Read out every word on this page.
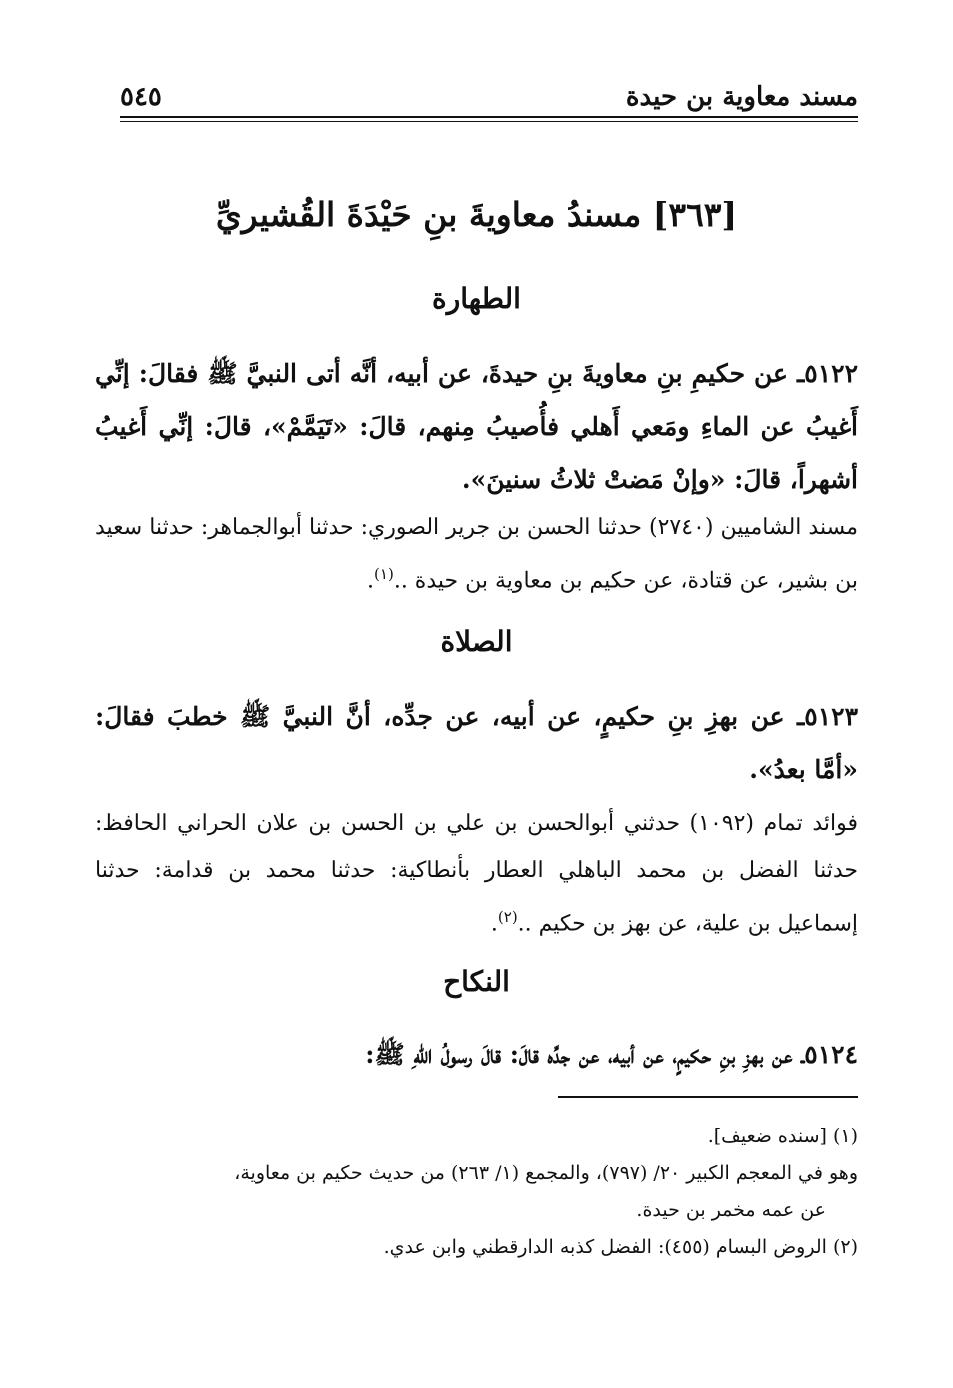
مسند معاوية بن حيدة
٥٤٥
[٣٦٣] مسندُ معاويةَ بنِ حَيْدَةَ القُشيريِّ
الطهارة
٥١٢٢ـ عن حكيمِ بنِ معاويةَ بنِ حيدةَ، عن أبيه، أنَّه أتى النبيَّ ﷺ فقالَ: إنِّي أَغيبُ عن الماءِ ومَعي أَهلي فأُصيبُ مِنهم، قالَ: «تَيَمَّمْ»، قالَ: إنِّي أَغيبُ أشهراً، قالَ: «وإنْ مَضتْ ثلاثُ سنينَ».
مسند الشاميين (٢٧٤٠) حدثنا الحسن بن جرير الصوري: حدثنا أبوالجماهر: حدثنا سعيد بن بشير، عن قتادة، عن حكيم بن معاوية بن حيدة ..$^{(١)}$.
الصلاة
٥١٢٣ـ عن بهزِ بنِ حكيمٍ، عن أبيه، عن جدِّه، أنَّ النبيَّ ﷺ خطبَ فقالَ: «أمَّا بعدُ».
فوائد تمام (١٠٩٢) حدثني أبوالحسن بن علي بن الحسن بن علان الحراني الحافظ: حدثنا الفضل بن محمد الباهلي العطار بأنطاكية: حدثنا محمد بن قدامة: حدثنا إسماعيل بن علية، عن بهز بن حكيم ..$^{(٢)}$.
النكاح
٥١٢٤ـ عن بهزِ بنِ حكيمٍ، عن أبيه، عن جدِّه قالَ: قالَ رسولُ اللهِ ﷺ:

(١) [سنده ضعيف].

وهو في المعجم الكبير ٢٠/ (٧٩٧)، والمجمع (١/ ٢٦٣) من حديث حكيم بن معاوية،

عن عمه مخمر بن حيدة.

(٢) الروض البسام (٤٥٥): الفضل كذبه الدارقطني وابن عدي.
